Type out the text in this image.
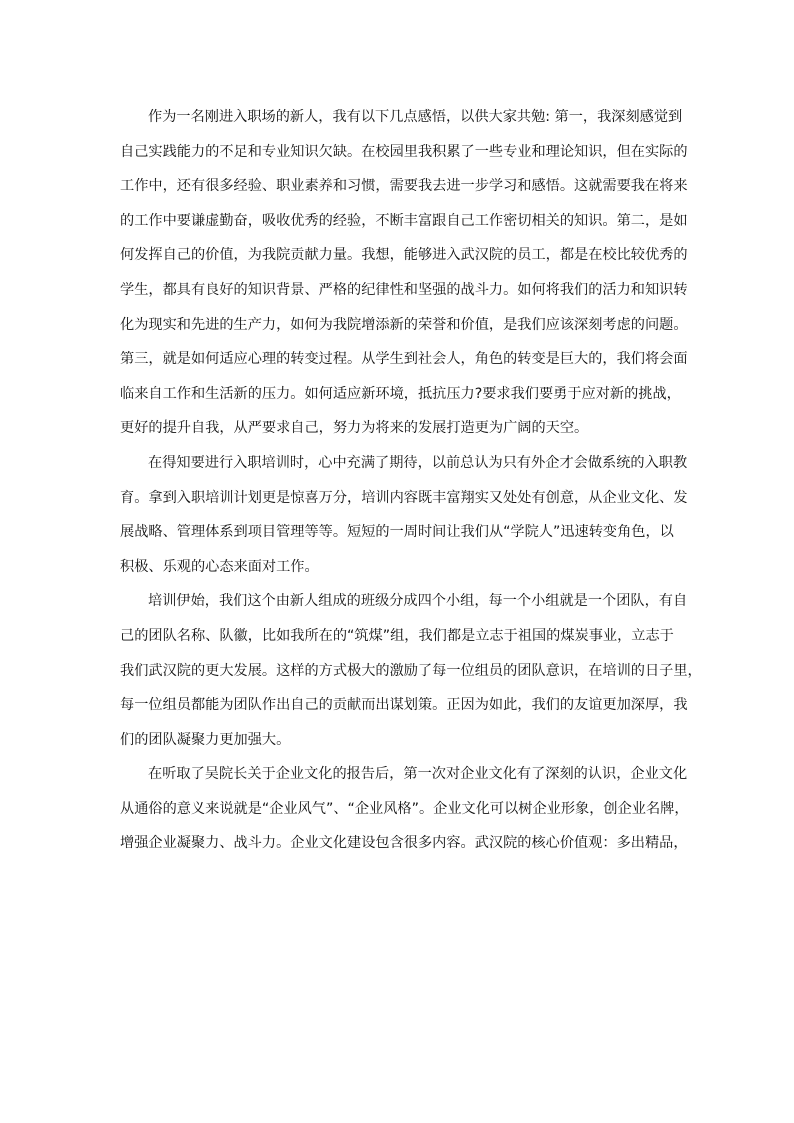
作为一名刚进入职场的新人，我有以下几点感悟，以供大家共勉: 第一，我深刻感觉到
自己实践能力的不足和专业知识欠缺。在校园里我积累了一些专业和理论知识，但在实际的
工作中，还有很多经验、职业素养和习惯，需要我去进一步学习和感悟。这就需要我在将来
的工作中要谦虚勤奋，吸收优秀的经验，不断丰富跟自己工作密切相关的知识。第二，是如
何发挥自己的价值，为我院贡献力量。我想，能够进入武汉院的员工，都是在校比较优秀的
学生，都具有良好的知识背景、严格的纪律性和坚强的战斗力。如何将我们的活力和知识转
化为现实和先进的生产力，如何为我院增添新的荣誉和价值，是我们应该深刻考虑的问题。
第三，就是如何适应心理的转变过程。从学生到社会人，角色的转变是巨大的，我们将会面
临来自工作和生活新的压力。如何适应新环境，抵抗压力?要求我们要勇于应对新的挑战，
更好的提升自我，从严要求自己，努力为将来的发展打造更为广阔的天空。
在得知要进行入职培训时，心中充满了期待，以前总认为只有外企才会做系统的入职教
育。拿到入职培训计划更是惊喜万分，培训内容既丰富翔实又处处有创意，从企业文化、发
展战略、管理体系到项目管理等等。短短的一周时间让我们从“学院人”迅速转变角色，以
积极、乐观的心态来面对工作。
培训伊始，我们这个由新人组成的班级分成四个小组，每一个小组就是一个团队，有自
己的团队名称、队徽，比如我所在的“筑煤”组，我们都是立志于祖国的煤炭事业，立志于
我们武汉院的更大发展。这样的方式极大的激励了每一位组员的团队意识，在培训的日子里，
每一位组员都能为团队作出自己的贡献而出谋划策。正因为如此，我们的友谊更加深厚，我
们的团队凝聚力更加强大。
在听取了吴院长关于企业文化的报告后，第一次对企业文化有了深刻的认识，企业文化
从通俗的意义来说就是“企业风气”、“企业风格”。企业文化可以树企业形象，创企业名牌，
增强企业凝聚力、战斗力。企业文化建设包含很多内容。武汉院的核心价值观：多出精品，
